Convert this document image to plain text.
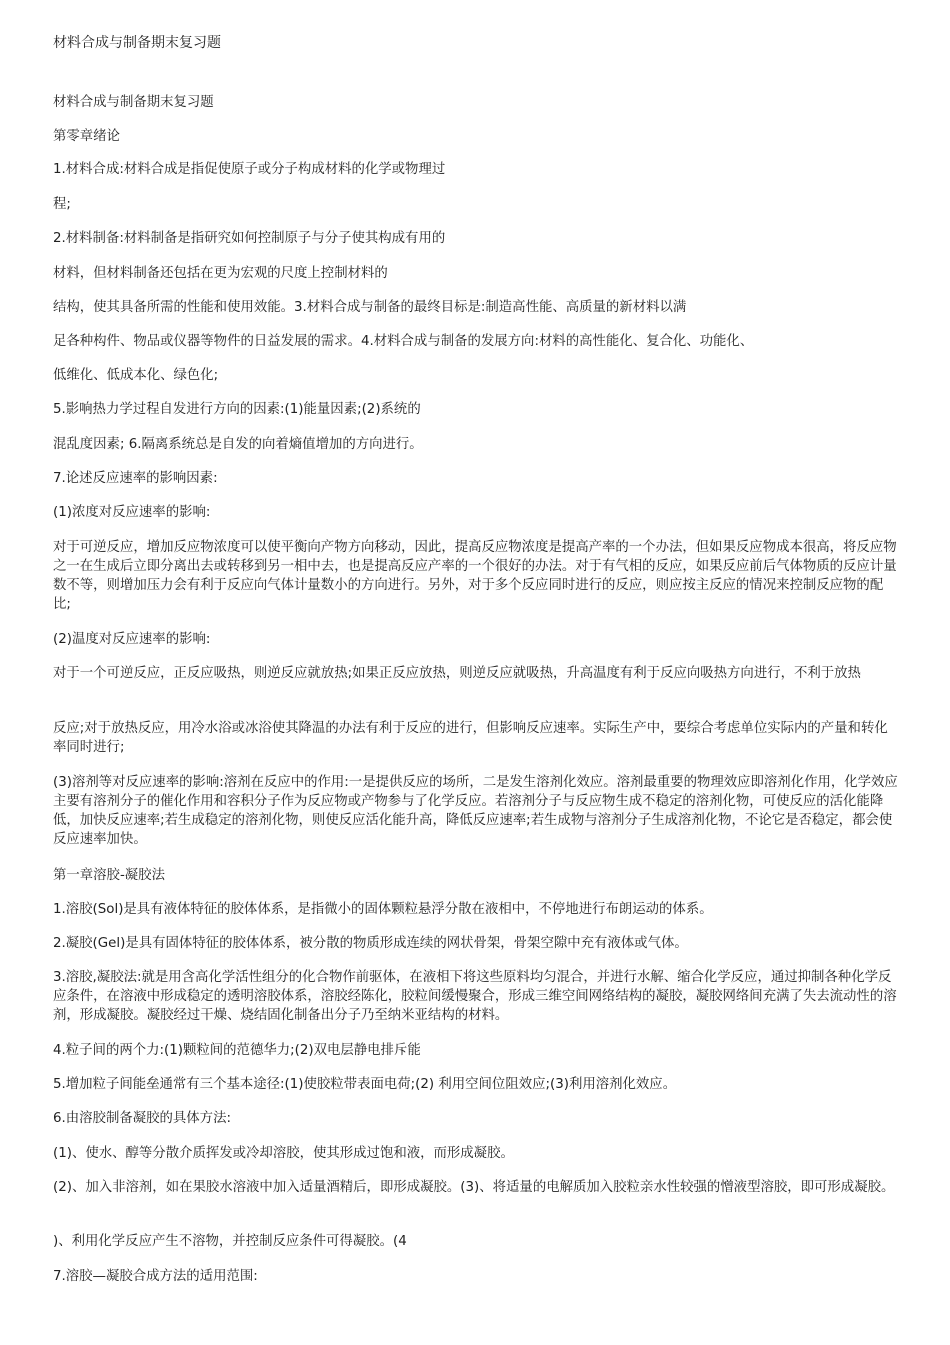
材料合成与制备期末复习题

材料合成与制备期末复习题

第零章绪论

1.材料合成:材料合成是指促使原子或分子构成材料的化学或物理过

程;

2.材料制备:材料制备是指研究如何控制原子与分子使其构成有用的

材料，但材料制备还包括在更为宏观的尺度上控制材料的

结构，使其具备所需的性能和使用效能。3.材料合成与制备的最终目标是:制造高性能、高质量的新材料以满

足各种构件、物品或仪器等物件的日益发展的需求。4.材料合成与制备的发展方向:材料的高性能化、复合化、功能化、

低维化、低成本化、绿色化;

5.影响热力学过程自发进行方向的因素:(1)能量因素;(2)系统的

混乱度因素; 6.隔离系统总是自发的向着熵值增加的方向进行。

7.论述反应速率的影响因素:

(1)浓度对反应速率的影响:

对于可逆反应，增加反应物浓度可以使平衡向产物方向移动，因此，提高反应物浓度是提高产率的一个办法，但如果反应物成本很高，将反应物之一在生成后立即分离出去或转移到另一相中去，也是提高反应产率的一个很好的办法。对于有气相的反应，如果反应前后气体物质的反应计量数不等，则增加压力会有利于反应向气体计量数小的方向进行。另外，对于多个反应同时进行的反应，则应按主反应的情况来控制反应物的配比;

(2)温度对反应速率的影响:

对于一个可逆反应，正反应吸热，则逆反应就放热;如果正反应放热，则逆反应就吸热，升高温度有利于反应向吸热方向进行，不利于放热

反应;对于放热反应，用冷水浴或冰浴使其降温的办法有利于反应的进行，但影响反应速率。实际生产中，要综合考虑单位实际内的产量和转化率同时进行;

(3)溶剂等对反应速率的影响:溶剂在反应中的作用:一是提供反应的场所，二是发生溶剂化效应。溶剂最重要的物理效应即溶剂化作用，化学效应主要有溶剂分子的催化作用和容积分子作为反应物或产物参与了化学反应。若溶剂分子与反应物生成不稳定的溶剂化物，可使反应的活化能降低，加快反应速率;若生成稳定的溶剂化物，则使反应活化能升高，降低反应速率;若生成物与溶剂分子生成溶剂化物，不论它是否稳定，都会使反应速率加快。

第一章溶胶-凝胶法

1.溶胶(Sol)是具有液体特征的胶体体系，是指微小的固体颗粒悬浮分散在液相中，不停地进行布朗运动的体系。

2.凝胶(Gel)是具有固体特征的胶体体系，被分散的物质形成连续的网状骨架，骨架空隙中充有液体或气体。

3.溶胶,凝胶法:就是用含高化学活性组分的化合物作前驱体，在液相下将这些原料均匀混合，并进行水解、缩合化学反应，通过抑制各种化学反应条件，在溶液中形成稳定的透明溶胶体系，溶胶经陈化，胶粒间缓慢聚合，形成三维空间网络结构的凝胶，凝胶网络间充满了失去流动性的溶剂，形成凝胶。凝胶经过干燥、烧结固化制备出分子乃至纳米亚结构的材料。

4.粒子间的两个力:(1)颗粒间的范德华力;(2)双电层静电排斥能

5.增加粒子间能垒通常有三个基本途径:(1)使胶粒带表面电荷;(2) 利用空间位阻效应;(3)利用溶剂化效应。

6.由溶胶制备凝胶的具体方法:

(1)、使水、醇等分散介质挥发或冷却溶胶，使其形成过饱和液，而形成凝胶。

(2)、加入非溶剂，如在果胶水溶液中加入适量酒精后，即形成凝胶。(3)、将适量的电解质加入胶粒亲水性较强的憎液型溶胶，即可形成凝胶。

)、利用化学反应产生不溶物，并控制反应条件可得凝胶。(4

7.溶胶—凝胶合成方法的适用范围:
